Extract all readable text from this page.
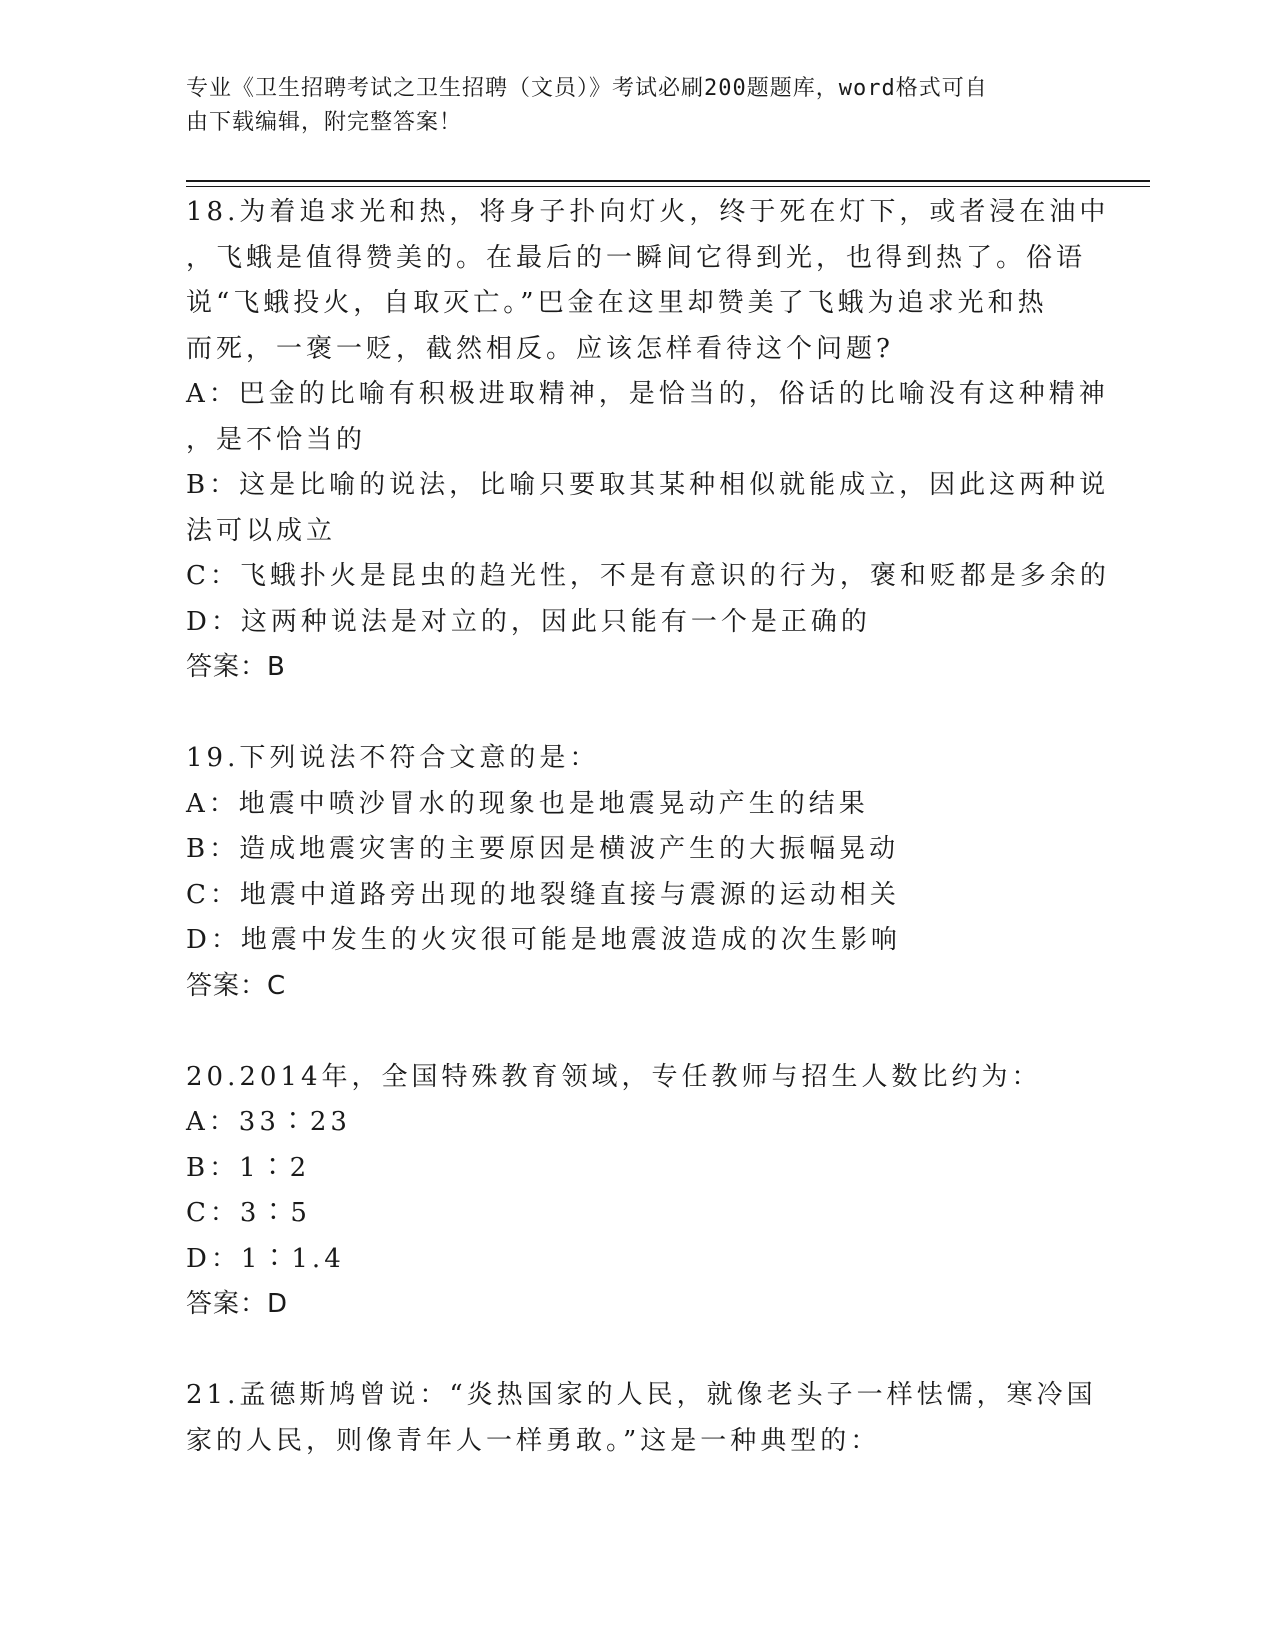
专业《卫生招聘考试之卫生招聘（文员）》考试必刷200题题库，word格式可自
由下载编辑，附完整答案！
18.为着追求光和热，将身子扑向灯火，终于死在灯下，或者浸在油中
，飞蛾是值得赞美的。在最后的一瞬间它得到光，也得到热了。俗语
说“飞蛾投火，自取灭亡。”巴金在这里却赞美了飞蛾为追求光和热
而死，一褒一贬，截然相反。应该怎样看待这个问题?
A：巴金的比喻有积极进取精神，是恰当的，俗话的比喻没有这种精神
，是不恰当的
B：这是比喻的说法，比喻只要取其某种相似就能成立，因此这两种说
法可以成立
C：飞蛾扑火是昆虫的趋光性，不是有意识的行为，褒和贬都是多余的
D：这两种说法是对立的，因此只能有一个是正确的
答案：B
19.下列说法不符合文意的是：
A：地震中喷沙冒水的现象也是地震晃动产生的结果
B：造成地震灾害的主要原因是横波产生的大振幅晃动
C：地震中道路旁出现的地裂缝直接与震源的运动相关
D：地震中发生的火灾很可能是地震波造成的次生影响
答案：C
20.2014年，全国特殊教育领域，专任教师与招生人数比约为：
A：33∶23
B：1∶2
C：3∶5
D：1∶1.4
答案：D
21.孟德斯鸠曾说：“炎热国家的人民，就像老头子一样怯懦，寒冷国
家的人民，则像青年人一样勇敢。”这是一种典型的：
